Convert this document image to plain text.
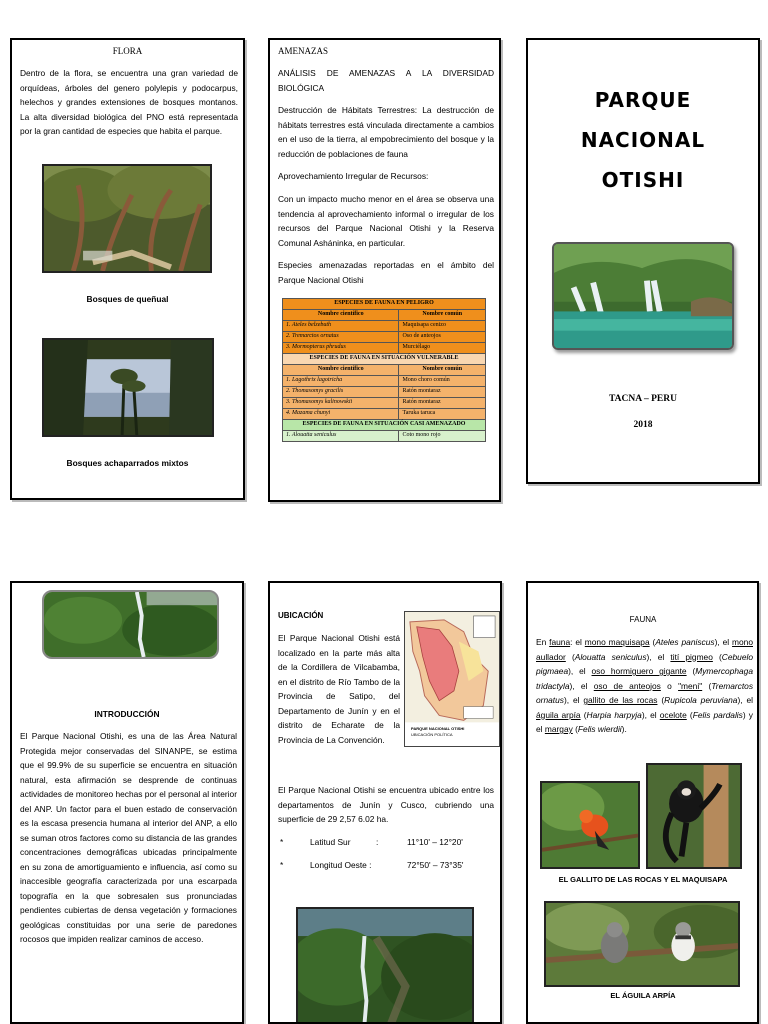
FLORA
Dentro de la flora, se encuentra una gran variedad de orquídeas, árboles del genero polylepis y podocarpus, helechos y grandes extensiones de bosques montanos. La alta diversidad biológica del PNO está representada por la gran cantidad de especies que habita el parque.
Bosques de queñual
Bosques achaparrados mixtos
AMENAZAS
ANÁLISIS DE AMENAZAS A LA DIVERSIDAD BIOLÓGICA
Destrucción de Hábitats Terrestres: La destrucción de hábitats terrestres está vinculada directamente a cambios en el uso de la tierra, al empobrecimiento del bosque y la reducción de poblaciones de fauna
Aprovechamiento Irregular de Recursos:
Con un impacto mucho menor en el área se observa una tendencia al aprovechamiento informal o irregular de los recursos del Parque Nacional Otishi y la Reserva Comunal Asháninka, en particular.
Especies amenazadas reportadas en el ámbito del Parque Nacional Otishi
ESPECIES DE FAUNA EN PELIGRO	
Nombre científico	Nombre común
1. Ateles belzebuth	Maquisapa cenizo
2. Tremarctos ornatus	Oso de anteojos
3. Mormopterus phrudus	Murciélago
ESPECIES DE FAUNA EN SITUACIÓN VULNERABLE	
Nombre científico	Nombre común
1. Lagothrix lagotricha	Mono choro común
2. Thomasomys gracilis	Ratón montaraz
3. Thomasomys kalinowskii	Ratón montaraz
4. Mazama chunyi	Taruka taruca
ESPECIES DE FAUNA EN SITUACIÓN CASI AMENAZADO	
1. Alouatta seniculus	Coto mono rojo
PARQUE
NACIONAL
OTISHI
TACNA – PERU
2018
INTRODUCCIÓN
El Parque Nacional Otishi, es una de las Área Natural Protegida mejor conservadas del SINANPE, se estima que el 99.9% de su superficie se encuentra en situación natural, esta afirmación se desprende de continuas actividades de monitoreo hechas por el personal al interior del ANP. Un factor para el buen estado de conservación es la escasa presencia humana al interior del ANP, a ello se suman otros factores como su distancia de las grandes concentraciones demográficas ubicadas principalmente en su zona de amortiguamiento e influencia, así como su inaccesible geografía caracterizada por una escarpada topografía en la que sobresalen sus pronunciadas pendientes cubiertas de densa vegetación y formaciones geológicas constituidas por una serie de paredones rocosos que impiden realizar caminos de acceso.
UBICACIÓN
PARQUE NACIONAL OTISHI
UBICACIÓN POLÍTICA
El Parque Nacional Otishi está localizado en la parte más alta de la Cordillera de Vilcabamba, en el distrito de Río Tambo de la Provincia de Satipo, del Departamento de Junín y en el distrito de Echarate de la Provincia de La Convención.
El Parque Nacional Otishi se encuentra ubicado entre los departamentos de Junín y Cusco, cubriendo una superficie de 29 2,57 6.02 ha.
*	Latitud Sur	:	11°10' – 12°20'
*	Longitud Oeste :	72°50' – 73°35'
FAUNA
En fauna: el mono maquisapa (Ateles paniscus), el mono aullador (Alouatta seniculus), el tití pigmeo (Cebuelo pigmaea), el oso hormiguero gigante (Mymercophaga tridactyla), el oso de anteojos o "meni" (Tremarctos ornatus), el gallito de las rocas (Rupicola peruviana), el águila arpía (Harpia harpyja), el ocelote (Felis pardalis) y el margay (Felis wierdii).
EL GALLITO DE LAS ROCAS Y EL MAQUISAPA
EL ÁGUILA ARPÍA
